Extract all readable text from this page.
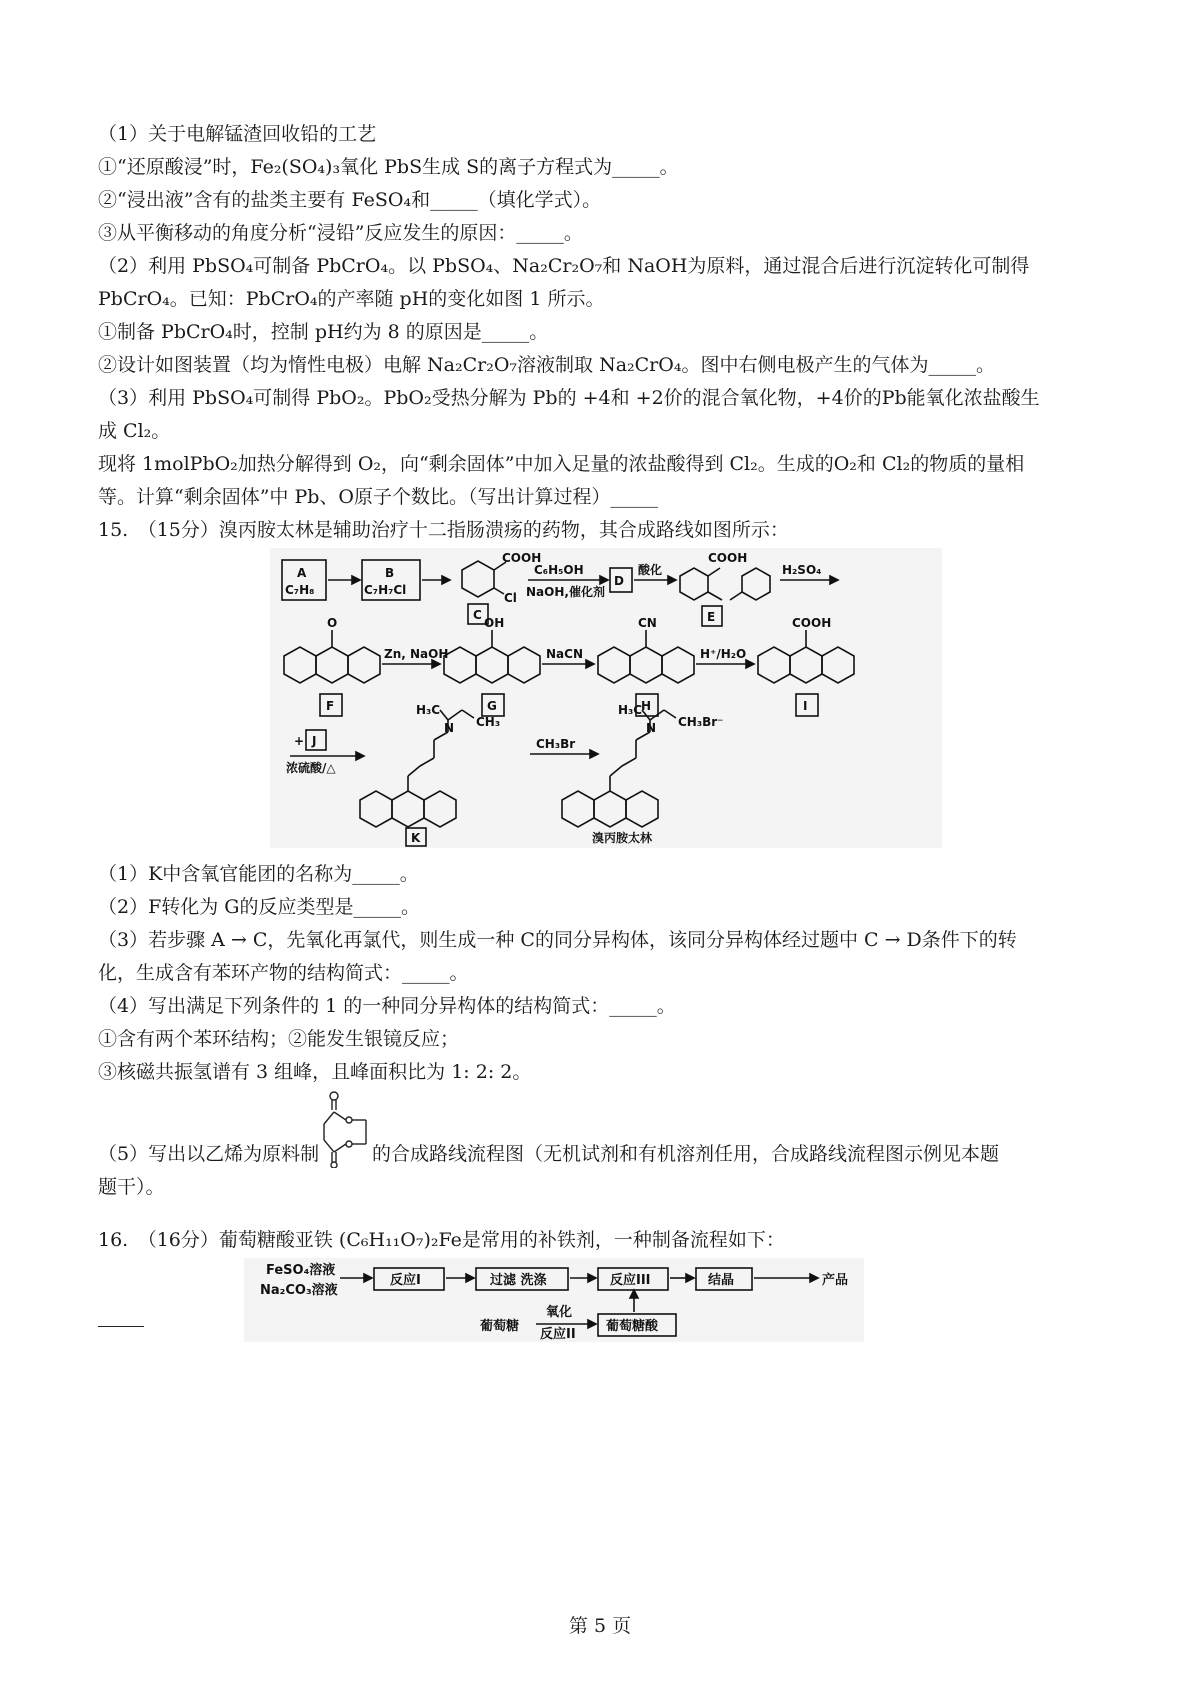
（1）关于电解锰渣回收铅的工艺
①“还原酸浸”时，Fe₂(SO₄)₃氧化 PbS生成 S的离子方程式为_____。
②“浸出液”含有的盐类主要有 FeSO₄和_____（填化学式）。
③从平衡移动的角度分析“浸铅”反应发生的原因：_____。
（2）利用 PbSO₄可制备 PbCrO₄。以 PbSO₄、Na₂Cr₂O₇和 NaOH为原料，通过混合后进行沉淀转化可制得
PbCrO₄。已知：PbCrO₄的产率随 pH的变化如图 1 所示。
①制备 PbCrO₄时，控制 pH约为 8 的原因是_____。
②设计如图装置（均为惰性电极）电解 Na₂Cr₂O₇溶液制取 Na₂CrO₄。图中右侧电极产生的气体为_____。
（3）利用 PbSO₄可制得 PbO₂。PbO₂受热分解为 Pb的 +4和 +2价的混合氧化物，+4价的Pb能氧化浓盐酸生
成 Cl₂。
现将 1molPbO₂加热分解得到 O₂，向“剩余固体”中加入足量的浓盐酸得到 Cl₂。生成的O₂和 Cl₂的物质的量相
等。计算“剩余固体”中 Pb、O原子个数比。（写出计算过程）_____
15.　（15分）溴丙胺太林是辅助治疗十二指肠溃疡的药物，其合成路线如图所示：
A
C₇H₈
B
C₇H₇Cl
COOH
Cl
C
C₆H₅OH
NaOH,催化剂
D
酸化
COOH
E
H₂SO₄
O
F
Zn, NaOH
OH
G
NaCN
CN
H
H⁺/H₂O
COOH
I
+ J
浓硫酸/△
H₃C
N CH₃
K
CH₃Br
H₃C
N CH₃Br⁻
溴丙胺太林
（1）K中含氧官能团的名称为_____。
（2）F转化为 G的反应类型是_____。
（3）若步骤 A → C，先氧化再氯代，则生成一种 C的同分异构体，该同分异构体经过题中 C → D条件下的转
化，生成含有苯环产物的结构简式：_____。
（4）写出满足下列条件的 1 的一种同分异构体的结构简式：_____。
①含有两个苯环结构；②能发生银镜反应；
③核磁共振氢谱有 3 组峰，且峰面积比为 1: 2: 2。
（5）写出以乙烯为原料制	的合成路线流程图（无机试剂和有机溶剂任用，合成路线流程图示例见本题
题干）。
16.　（16分）葡萄糖酸亚铁 (C₆H₁₁O₇)₂Fe是常用的补铁剂，一种制备流程如下：
FeSO₄溶液
Na₂CO₃溶液
反应I	过滤 洗涤	反应III	结晶	产品
葡萄糖
氧化
反应II
葡萄糖酸
第 5 页
